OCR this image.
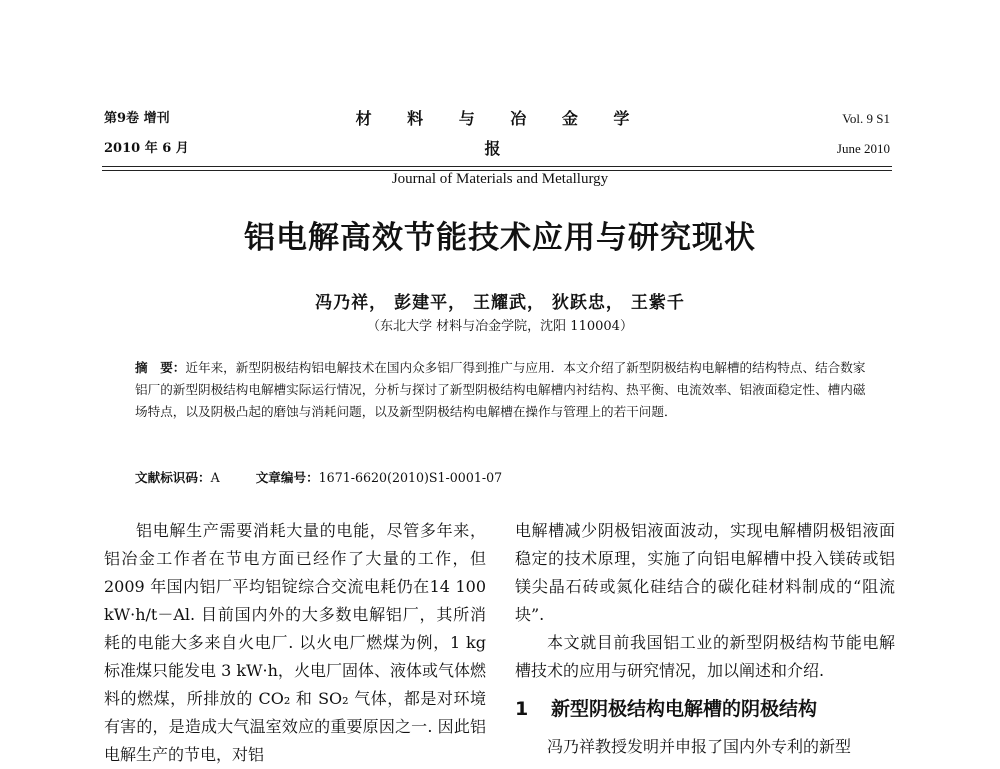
第9卷 增刊
2010 年 6 月
材 料 与 冶 金 学 报
Journal of Materials and Metallurgy
Vol. 9 S1
June 2010
铝电解高效节能技术应用与研究现状
冯乃祥， 彭建平， 王耀武， 狄跃忠， 王紫千
（东北大学 材料与冶金学院，沈阳 110004）
摘　要：近年来，新型阴极结构铝电解技术在国内众多铝厂得到推广与应用．本文介绍了新型阴极结构电解槽的结构特点、结合数家铝厂的新型阴极结构电解槽实际运行情况，分析与探讨了新型阴极结构电解槽内衬结构、热平衡、电流效率、铝液面稳定性、槽内磁场特点，以及阴极凸起的磨蚀与消耗问题，以及新型阴极结构电解槽在操作与管理上的若干问题．
文献标识码：A	文章编号：1671-6620(2010)S1-0001-07

铝电解生产需要消耗大量的电能，尽管多年来，铝冶金工作者在节电方面已经作了大量的工作，但 2009 年国内铝厂平均铝锭综合交流电耗仍在14 100 kW·h/t－Al. 目前国内外的大多数电解铝厂，其所消耗的电能大多来自火电厂. 以火电厂燃煤为例，1 kg 标准煤只能发电 3 kW·h，火电厂固体、液体或气体燃料的燃煤，所排放的 CO₂ 和 SO₂ 气体，都是对环境有害的，是造成大气温室效应的重要原因之一. 因此铝电解生产的节电，对铝

电解槽减少阴极铝液面波动，实现电解槽阴极铝液面稳定的技术原理，实施了向铝电解槽中投入镁砖或铝镁尖晶石砖或氮化硅结合的碳化硅材料制成的“阻流块”.

本文就目前我国铝工业的新型阴极结构节能电解槽技术的应用与研究情况，加以阐述和介绍.

1 新型阴极结构电解槽的阴极结构

冯乃祥教授发明并申报了国内外专利的新型
